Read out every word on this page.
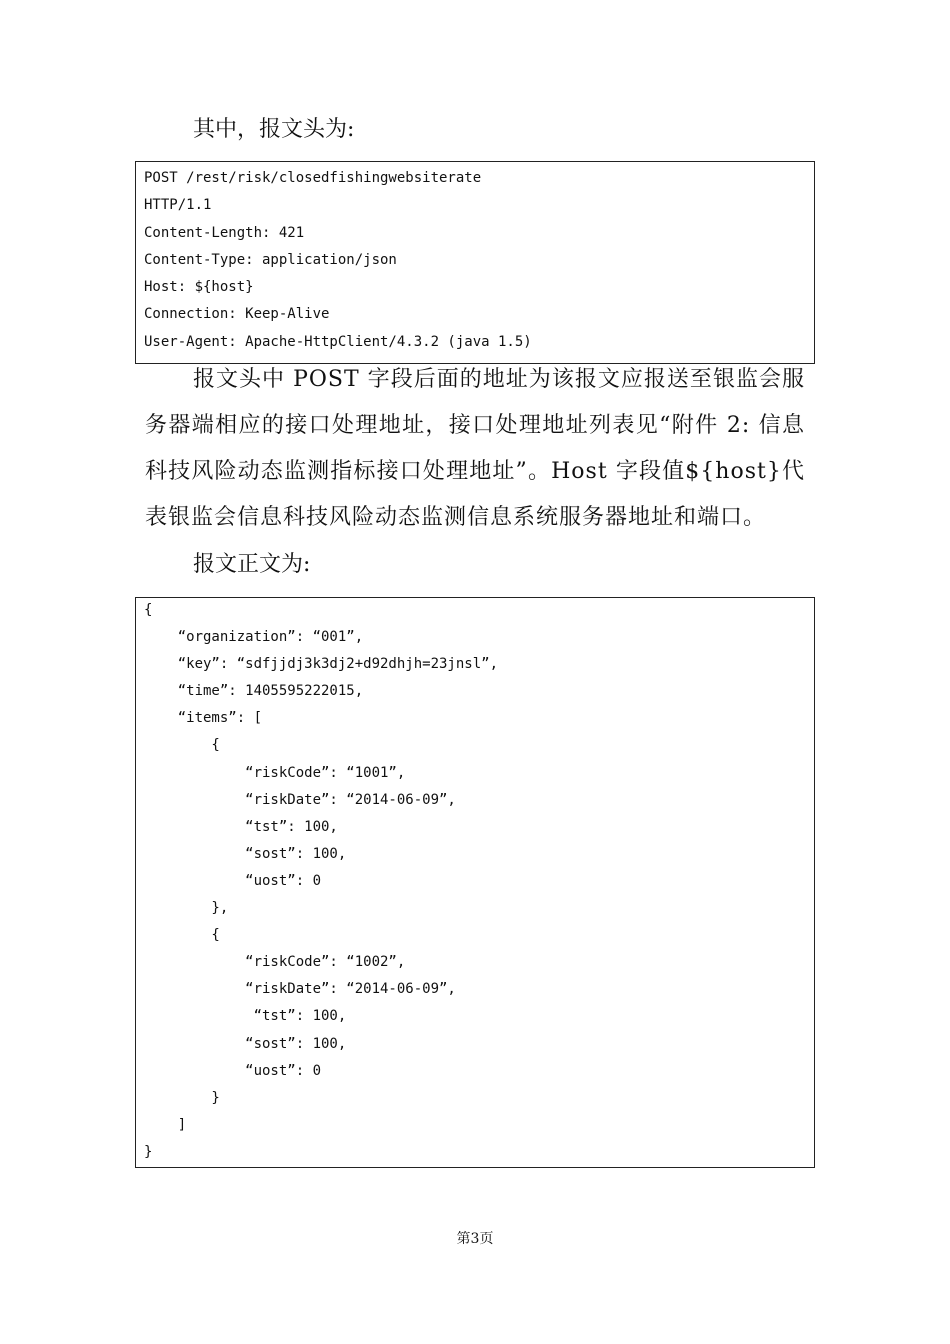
其中，报文头为:

POST /rest/risk/closedfishingwebsiterate
HTTP/1.1
Content-Length: 421
Content-Type: application/json
Host: ${host}
Connection: Keep-Alive
User-Agent: Apache-HttpClient/4.3.2 (java 1.5)

报文头中 POST 字段后面的地址为该报文应报送至银监会服务器端相应的接口处理地址，接口处理地址列表见“附件 2: 信息科技风险动态监测指标接口处理地址”。Host 字段值${host}代表银监会信息科技风险动态监测信息系统服务器地址和端口。

报文正文为:

{
“organization”: “001”,
“key”: “sdfjjdj3k3dj2+d92dhjh=23jnsl”,
“time”: 1405595222015,
“items”: [
{
“riskCode”: “1001”,
“riskDate”: “2014-06-09”,
“tst”: 100,
“sost”: 100,
“uost”: 0
},
{
“riskCode”: “1002”,
“riskDate”: “2014-06-09”,
“tst”: 100,
“sost”: 100,
“uost”: 0
}
]
}
第3页
